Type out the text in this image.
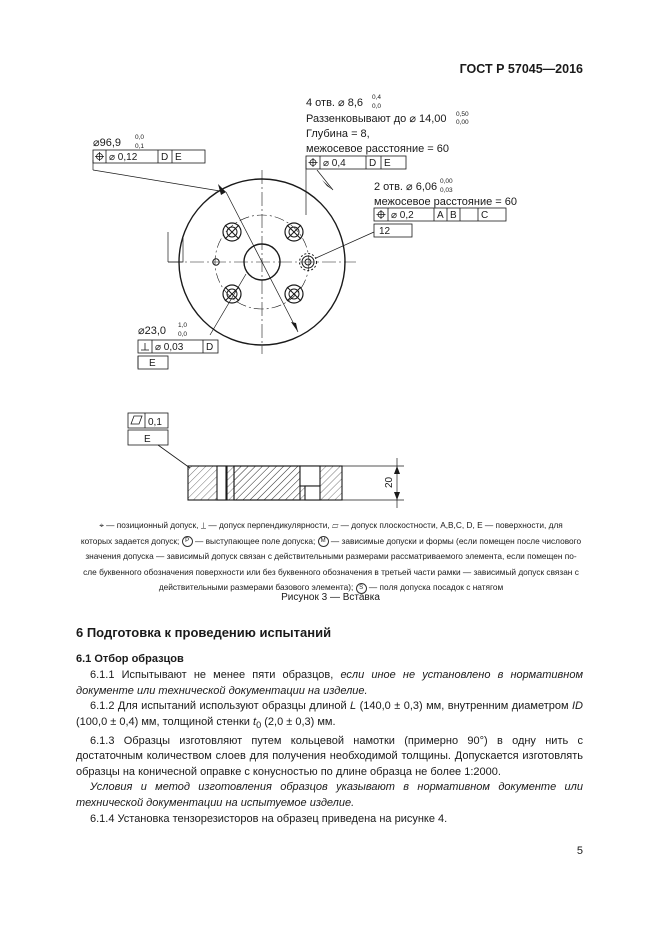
ГОСТ Р 57045—2016
⌀96,9 0,0
0,1
⌀ 0,12 D E
4 отв. ⌀ 8,6 0,4
0,0
Раззенковывают до ⌀ 14,00 0,50
0,00
Глубина = 8,
межосевое расстояние = 60
⌀ 0,4 D E
2 отв. ⌀ 6,06 0,00
0,03
межосевое расстояние = 60
⌀ 0,2 A B C
12
⌀23,0 1,0
0,0
⌀ 0,03 D
E
0,1
E
20
⌖ — позиционный допуск, ⊥ — допуск перпендикулярности, ▱ — допуск плоскостности, A,B,C, D, E — поверхности, для
которых задается допуск; P — выступающее поле допуска; M — зависимые допуски и формы (если помещен после числового
значения допуска — зависимый допуск связан с действительными размерами рассматриваемого элемента, если помещен по-
сле буквенного обозначения поверхности или без буквенного обозначения в третьей части рамки — зависимый допуск связан с
действительными размерами базового элемента); S — поля допуска посадок с натягом
Рисунок 3 — Вставка
6 Подготовка к проведению испытаний
6.1 Отбор образцов

6.1.1 Испытывают не менее пяти образцов, если иное не установлено в нормативном документе или технической документации на изделие.

6.1.2 Для испытаний используют образцы длиной L (140,0 ± 0,3) мм, внутренним диаметром ID (100,0 ± 0,4) мм, толщиной стенки $t_0$ (2,0 ± 0,3) мм.

6.1.3 Образцы изготовляют путем кольцевой намотки (примерно 90°) в одну нить с достаточным количеством слоев для получения необходимой толщины. Допускается изготовлять образцы на коничесной оправке с конусностью по длине образца не более 1:2000.

Условия и метод изготовления образцов указывают в нормативном документе или технической документации на испытуемое изделие.

6.1.4 Установка тензорезисторов на образец приведена на рисунке 4.

5
